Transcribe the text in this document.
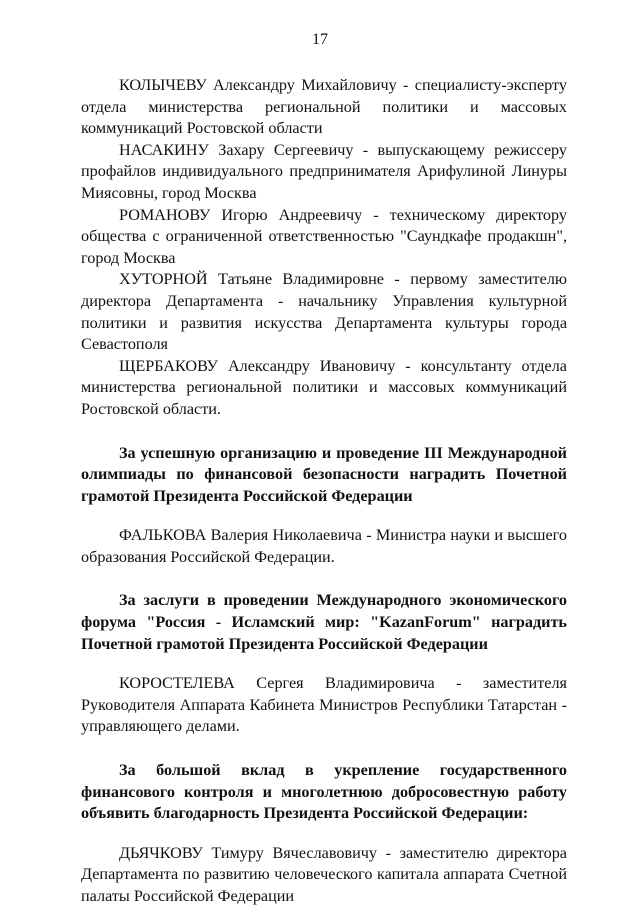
17

КОЛЫЧЕВУ Александру Михайловичу - специалисту-эксперту отдела министерства региональной политики и массовых коммуникаций Ростовской области

НАСАКИНУ Захару Сергеевичу - выпускающему режиссеру профайлов индивидуального предпринимателя Арифулиной Линуры Миясовны, город Москва

РОМАНОВУ Игорю Андреевичу - техническому директору общества с ограниченной ответственностью "Саундкафе продакшн", город Москва

ХУТОРНОЙ Татьяне Владимировне - первому заместителю директора Департамента - начальнику Управления культурной политики и развития искусства Департамента культуры города Севастополя

ЩЕРБАКОВУ Александру Ивановичу - консультанту отдела министерства региональной политики и массовых коммуникаций Ростовской области.

За успешную организацию и проведение III Международной олимпиады по финансовой безопасности наградить Почетной грамотой Президента Российской Федерации

ФАЛЬКОВА Валерия Николаевича - Министра науки и высшего образования Российской Федерации.

За заслуги в проведении Международного экономического форума "Россия - Исламский мир: "KazanForum" наградить Почетной грамотой Президента Российской Федерации

КОРОСТЕЛЕВА Сергея Владимировича - заместителя Руководителя Аппарата Кабинета Министров Республики Татарстан - управляющего делами.

За большой вклад в укрепление государственного финансового контроля и многолетнюю добросовестную работу объявить благодарность Президента Российской Федерации:

ДЬЯЧКОВУ Тимуру Вячеславовичу - заместителю директора Департамента по развитию человеческого капитала аппарата Счетной палаты Российской Федерации
